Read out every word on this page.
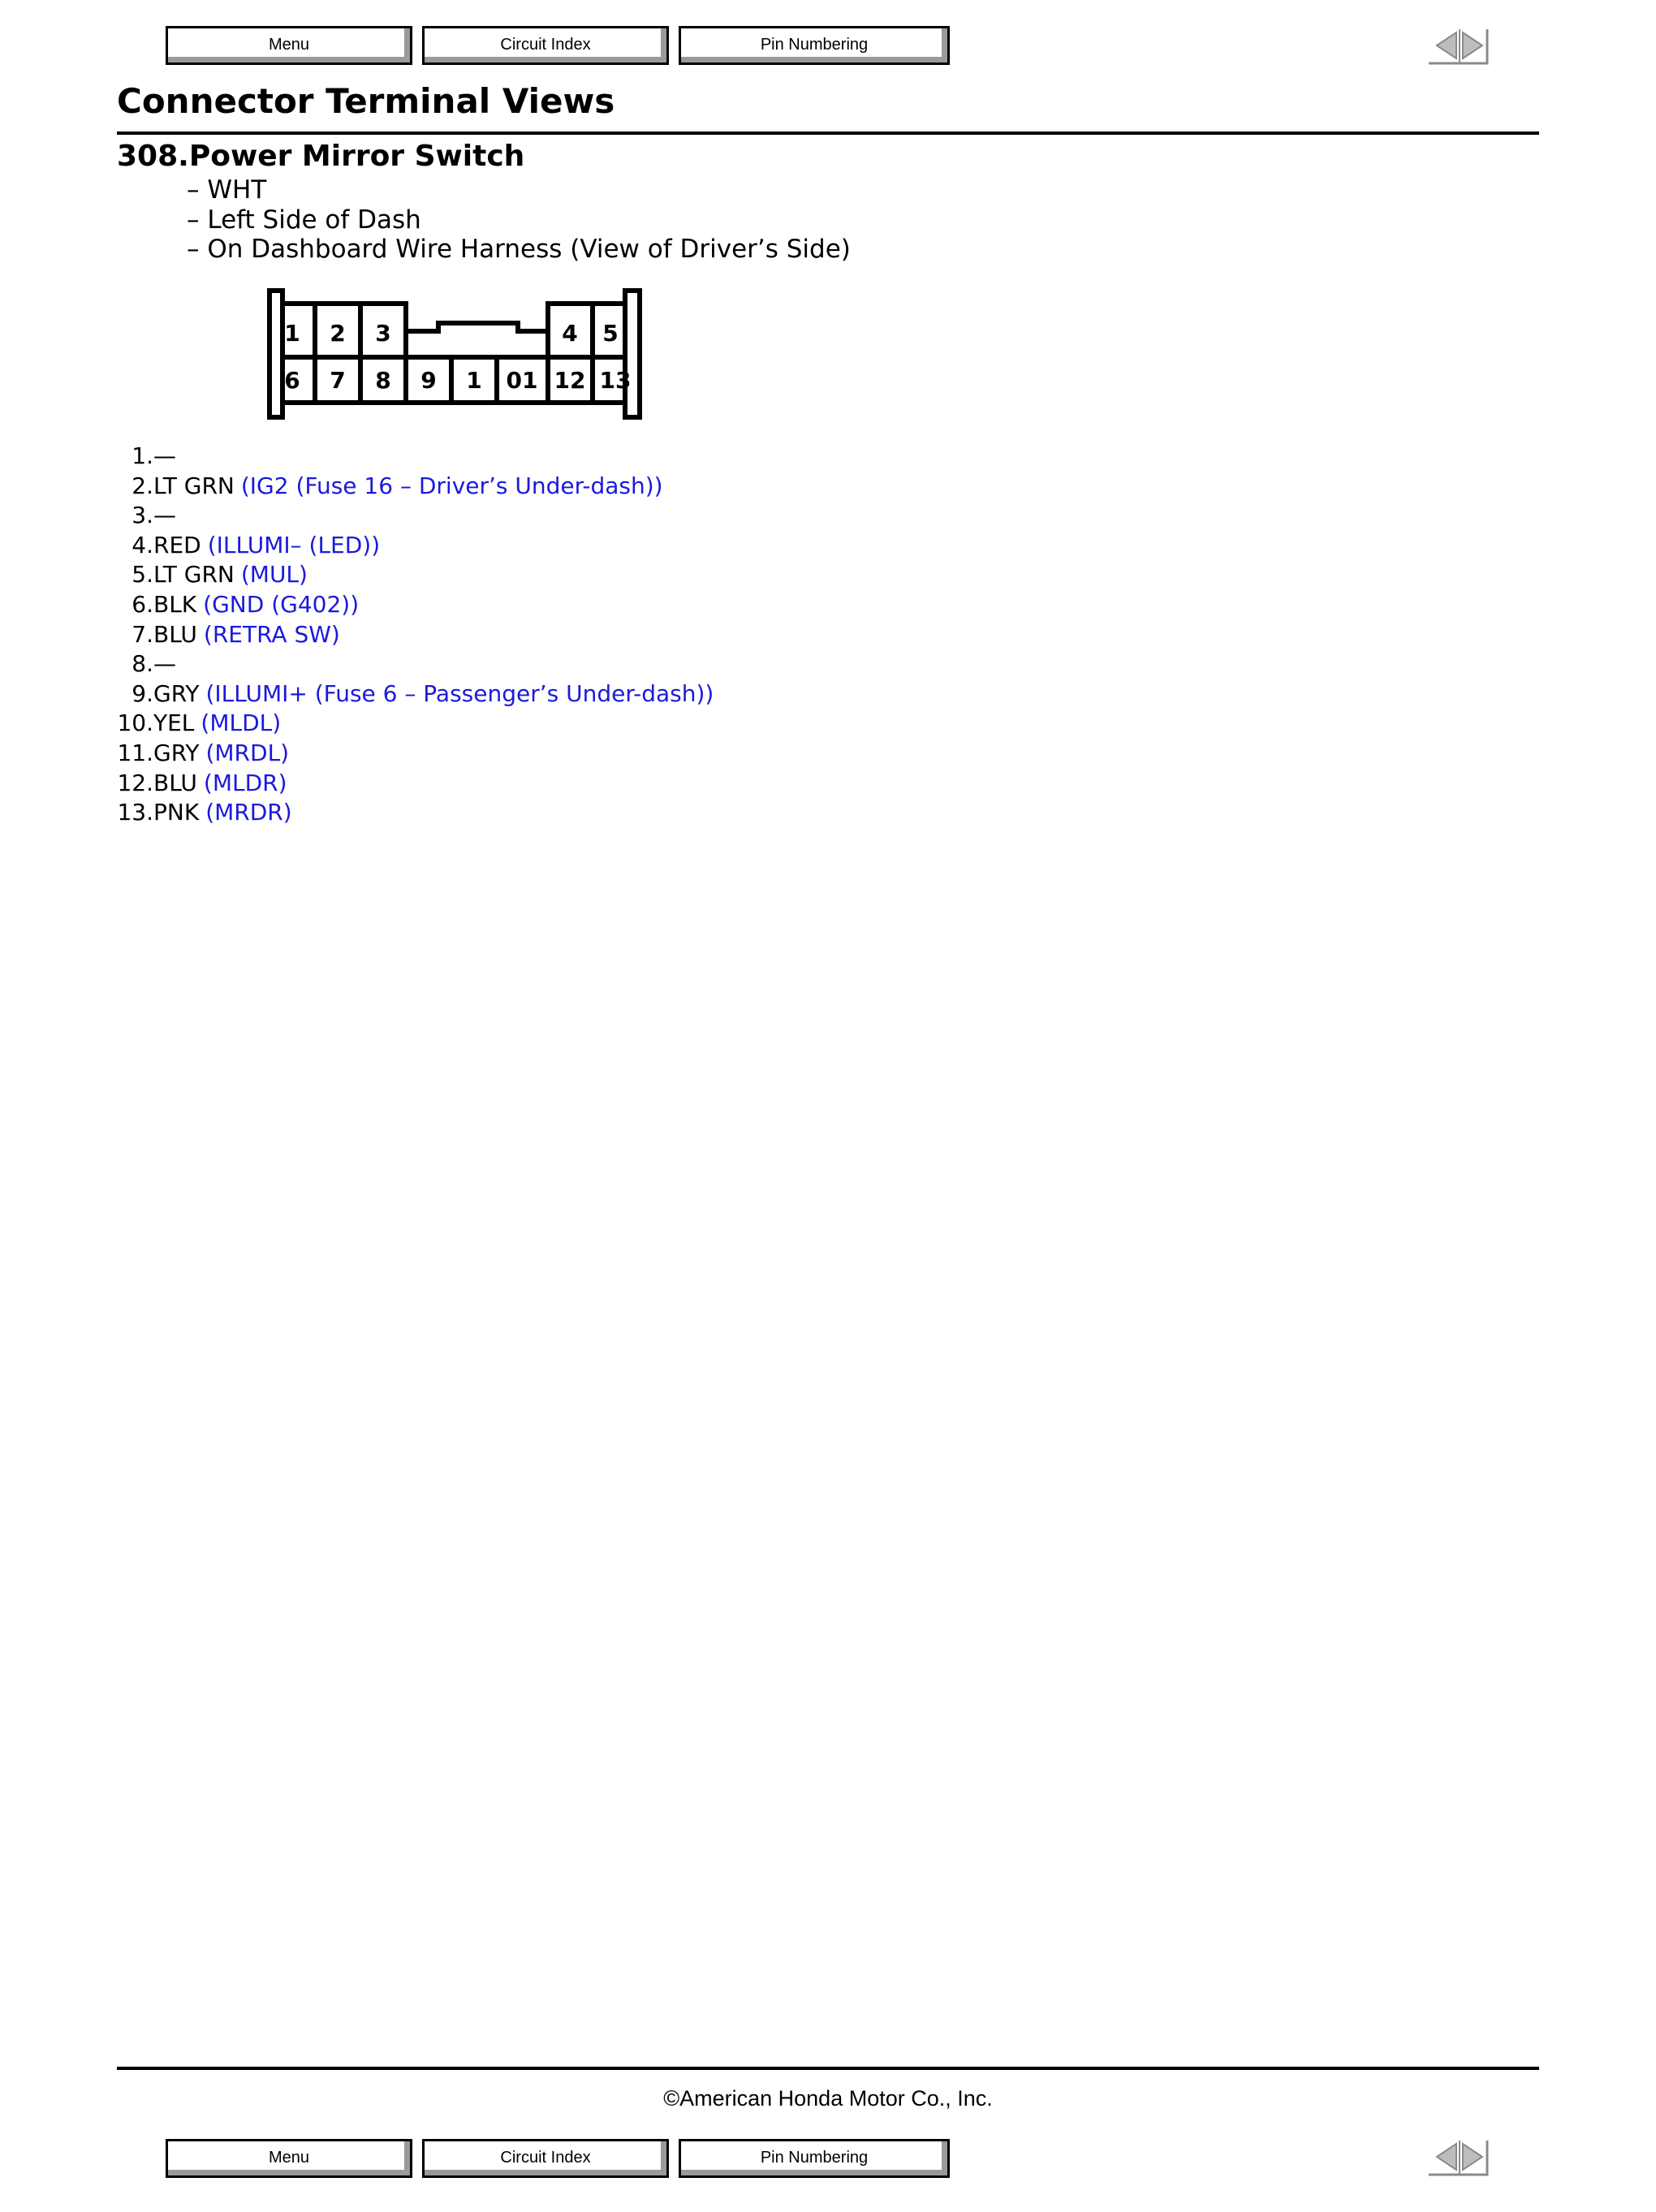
Menu	Circuit Index	Pin Numbering
Connector Terminal Views
308.Power Mirror Switch
– WHT
– Left Side of Dash
– On Dashboard Wire Harness (View of Driver’s Side)
1 2 3	4 5
6 7 8 9 1 01 12 13
1.—
2.LT GRN (IG2 (Fuse 16 – Driver’s Under-dash))
3.—
4.RED (ILLUMI– (LED))
5.LT GRN (MUL)
6.BLK (GND (G402))
7.BLU (RETRA SW)
8.—
9.GRY (ILLUMI+ (Fuse 6 – Passenger’s Under-dash))
10.YEL (MLDL)
11.GRY (MRDL)
12.BLU (MLDR)
13.PNK (MRDR)
©American Honda Motor Co., Inc.
Menu	Circuit Index	Pin Numbering
